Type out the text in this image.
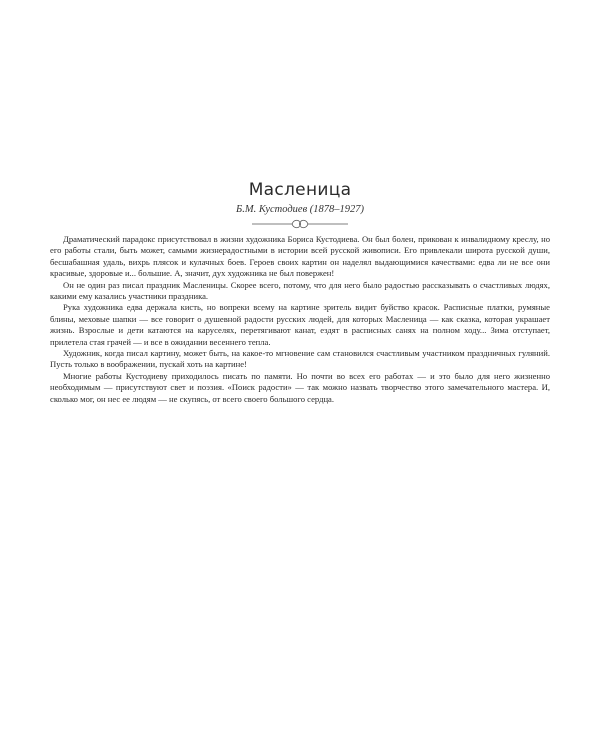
Масленица
Б.М. Кустодиев (1878–1927)

Драматический парадокс присутствовал в жизни художника Бориса Кустодиева. Он был болен, прикован к инвалидному креслу, но его работы стали, быть может, самыми жизнерадостными в истории всей русской живописи. Его привлекали широта русской души, бесшабашная удаль, вихрь плясок и кулачных боев. Героев своих картин он наделял выдающимися качествами: едва ли не все они красивые, здоровые и... большие. А, значит, дух художника не был повержен!

Он не один раз писал праздник Масленицы. Скорее всего, потому, что для него было радостью рассказывать о счастливых людях, какими ему казались участники праздника.

Рука художника едва держала кисть, но вопреки всему на картине зритель видит буйство красок. Расписные платки, румяные блины, меховые шапки — все говорит о душевной радости русских людей, для которых Масленица — как сказка, которая украшает жизнь. Взрослые и дети катаются на каруселях, перетягивают канат, ездят в расписных санях на полном ходу... Зима отступает, прилетела стая грачей — и все в ожидании весеннего тепла.

Художник, когда писал картину, может быть, на какое-то мгновение сам становился счастливым участником праздничных гуляний. Пусть только в воображении, пускай хоть на картине!

Многие работы Кустодиеву приходилось писать по памяти. Но почти во всех его работах — и это было для него жизненно необходимым — присутствуют свет и поэзия. «Поиск радости» — так можно назвать творчество этого замечательного мастера. И, сколько мог, он нес ее людям — не скупясь, от всего своего большого сердца.
